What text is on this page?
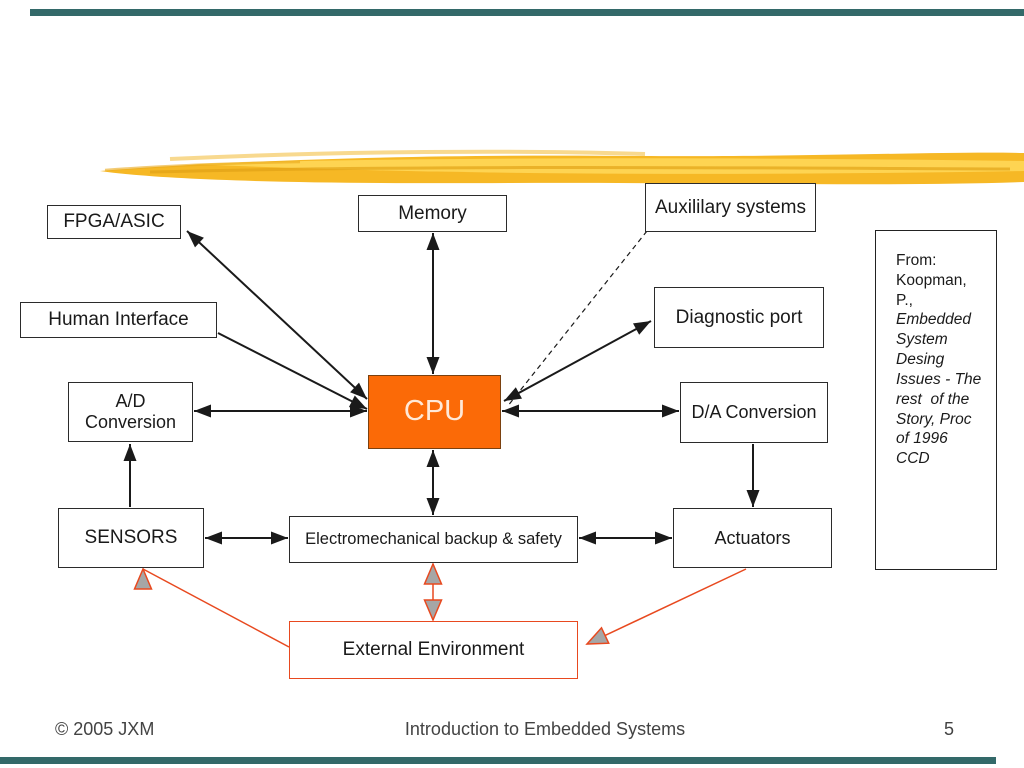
FPGA/ASIC	Memory	Auxililary systems
Human Interface	Diagnostic port
A/D Conversion	CPU	D/A Conversion
SENSORS	Electromechanical backup & safety	Actuators
External Environment
From: Koopman, P., Embedded System Desing Issues - The rest  of the Story, Proc of 1996 CCD
© 2005 JXM	Introduction to Embedded Systems	5
